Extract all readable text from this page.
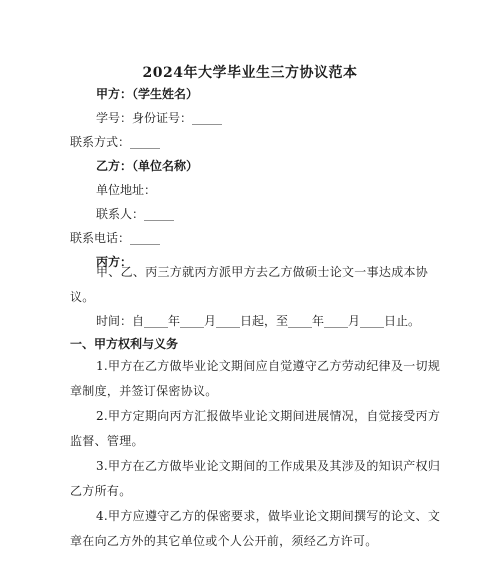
2024年大学毕业生三方协议范本
甲方：（学生姓名）
学号：身份证号：_____
联系方式：_____
乙方：（单位名称）
单位地址：
联系人：_____
联系电话：_____
丙方：
甲、乙、丙三方就丙方派甲方去乙方做硕士论文一事达成本协议。
时间：自____年____月____日起，至____年____月____日止。
一、甲方权利与义务
1.甲方在乙方做毕业论文期间应自觉遵守乙方劳动纪律及一切规章制度，并签订保密协议。
2.甲方定期向丙方汇报做毕业论文期间进展情况，自觉接受丙方监督、管理。
3.甲方在乙方做毕业论文期间的工作成果及其涉及的知识产权归乙方所有。
4.甲方应遵守乙方的保密要求，做毕业论文期间撰写的论文、文章在向乙方外的其它单位或个人公开前，须经乙方许可。
